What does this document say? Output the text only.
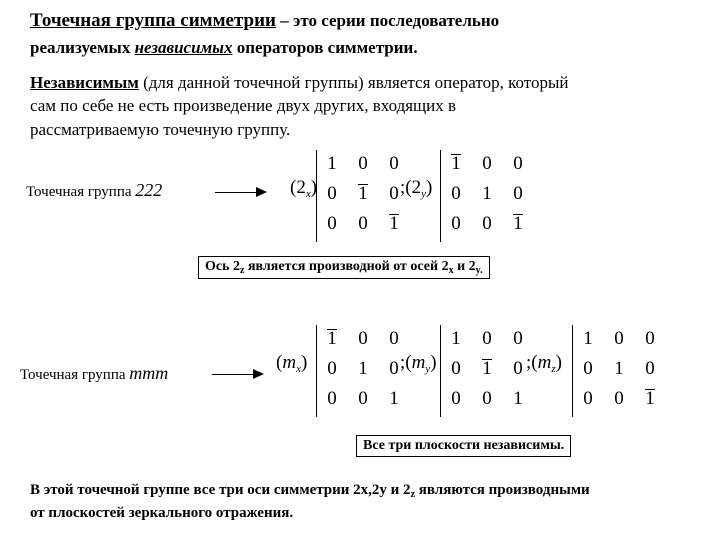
Точечная группа симметрии – это серии последовательно
реализуемых независимых операторов симметрии.
Независимым (для данной точечной группы) является оператор, который
сам по себе не есть произведение двух других, входящих в
рассматриваемую точечную группу.
Точечная группа 222	$(2_x)$
1 0 0
0 1 0
0 0 1
$;(2_y)$
1 0 0
0 1 0
0 0 1
Ось $2_z$ является производной от осей $2_x$ и $2_{y.}$
Точечная группа mmm	$(m_x)$
1 0 0
0 1 0
0 0 1
$;(m_y)$
1 0 0
0 1 0
0 0 1
$;(m_z)$
1 0 0
0 1 0
0 0 1
Все три плоскости независимы.
В этой точечной группе все три оси симметрии 2x,2y и $2_z$ являются производными
от плоскостей зеркального отражения.
